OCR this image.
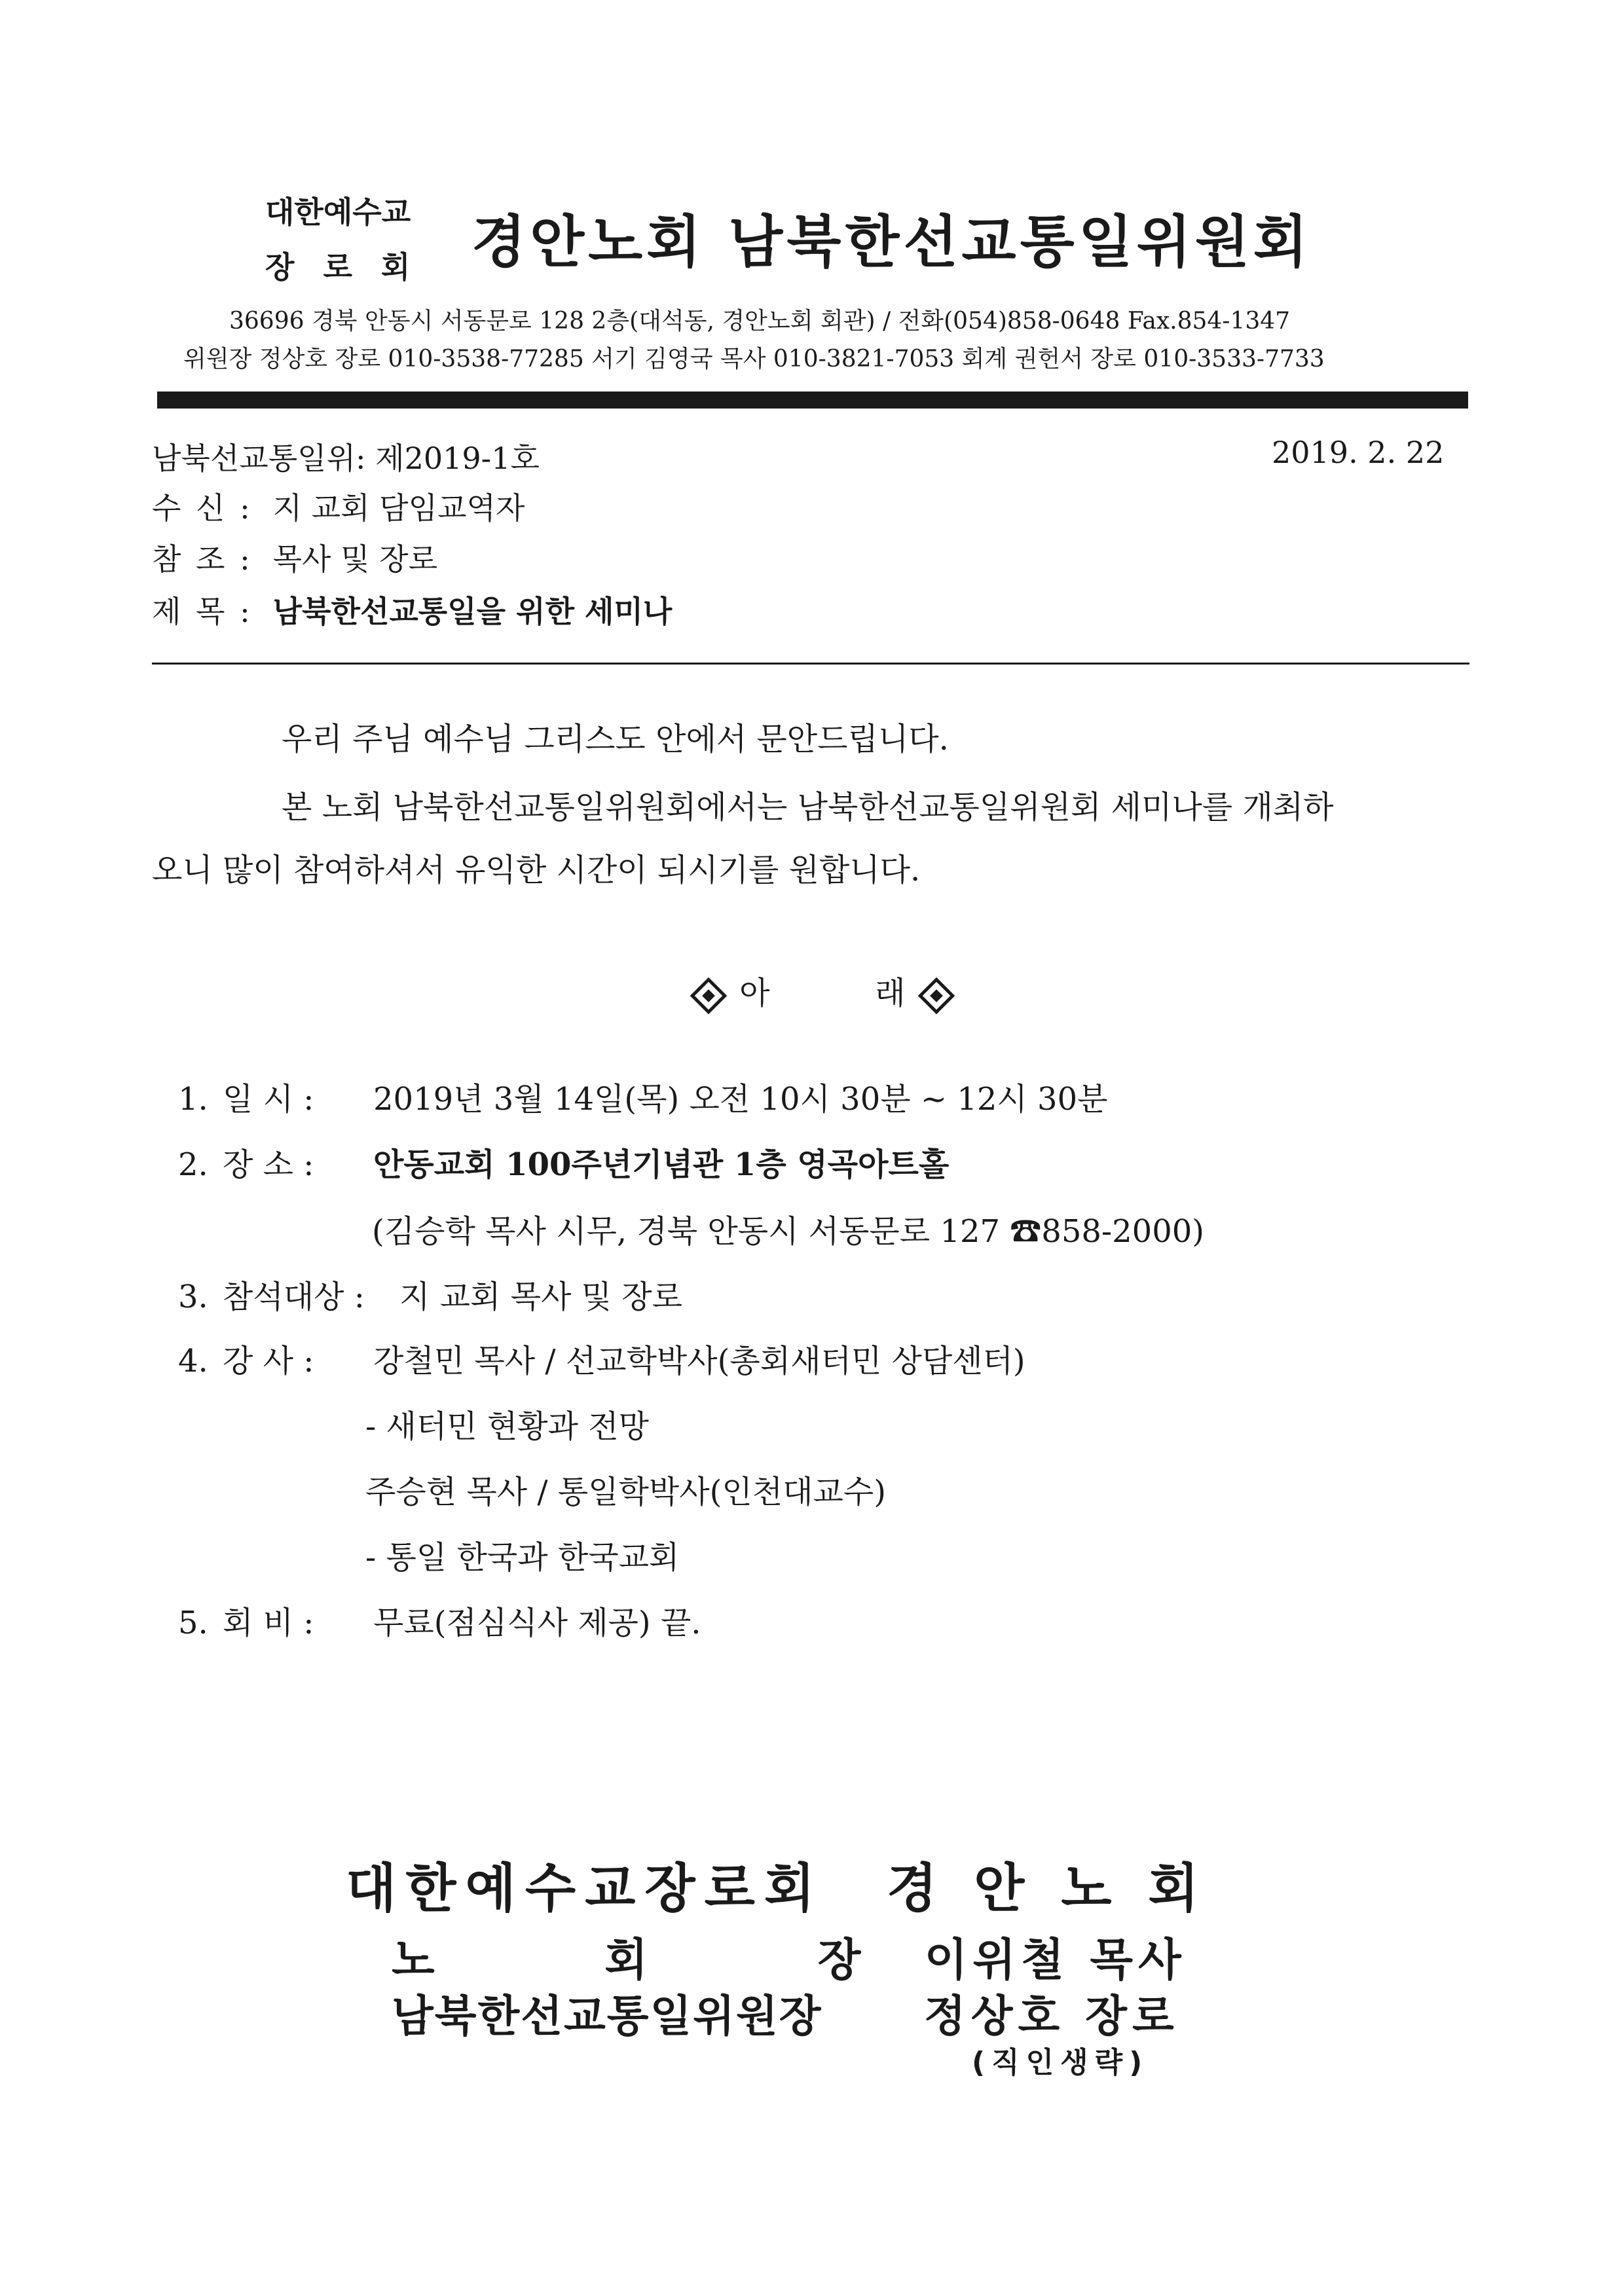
대한예수교
장 로 회 경안노회 남북한선교통일위원회
36696 경북 안동시 서동문로 128 2층(대석동, 경안노회 회관) / 전화(054)858-0648 Fax.854-1347
위원장 정상호 장로 010-3538-77285 서기 김영국 목사 010-3821-7053 회계 권헌서 장로 010-3533-7733
남북선교통일위: 제2019-1호	2019. 2. 22
수 신 : 지 교회 담임교역자
참 조 : 목사 및 장로
제 목 : 남북한선교통일을 위한 세미나
우리 주님 예수님 그리스도 안에서 문안드립니다.
본 노회 남북한선교통일위원회에서는 남북한선교통일위원회 세미나를 개최하
오니 많이 참여하셔서 유익한 시간이 되시기를 원합니다.
아	래
1. 일 시 : 2019년 3월 14일(목) 오전 10시 30분 ~ 12시 30분
2. 장 소 : 안동교회 100주년기념관 1층 영곡아트홀
(김승학 목사 시무, 경북 안동시 서동문로 127 ☎858-2000)
3. 참석대상 : 지 교회 목사 및 장로
4. 강 사 : 강철민 목사 / 선교학박사(총회새터민 상담센터)
- 새터민 현황과 전망
주승현 목사 / 통일학박사(인천대교수)
- 통일 한국과 한국교회
5. 회 비 : 무료(점심식사 제공) 끝.
대한예수교장로회 경 안 노 회
노 회 장 이위철 목사
남북한선교통일위원장 정상호 장로
(직인생략)
